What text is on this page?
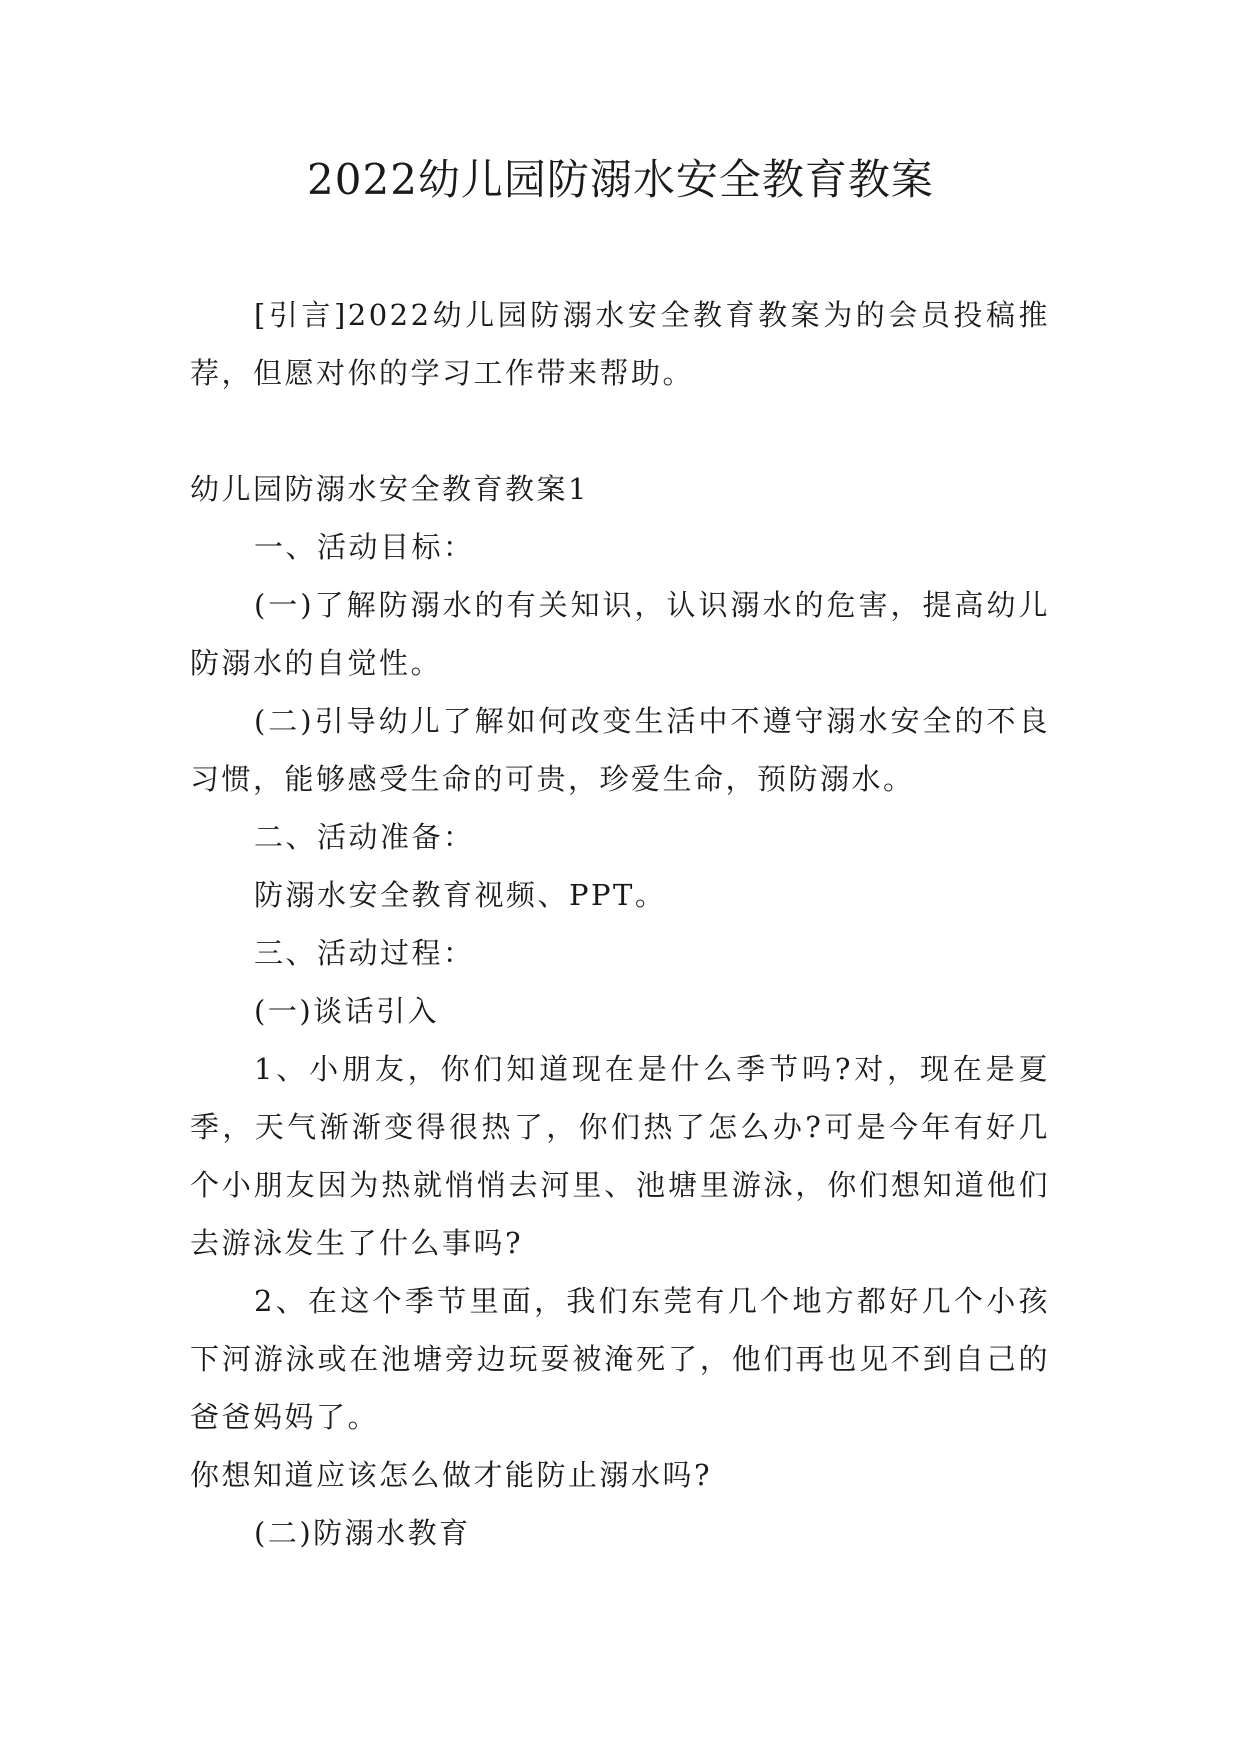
2022幼儿园防溺水安全教育教案

[引言]2022幼儿园防溺水安全教育教案为的会员投稿推荐，但愿对你的学习工作带来帮助。

幼儿园防溺水安全教育教案1

一、活动目标：

(一)了解防溺水的有关知识，认识溺水的危害，提高幼儿防溺水的自觉性。

(二)引导幼儿了解如何改变生活中不遵守溺水安全的不良习惯，能够感受生命的可贵，珍爱生命，预防溺水。

二、活动准备：

防溺水安全教育视频、PPT。

三、活动过程：

(一)谈话引入

1、小朋友，你们知道现在是什么季节吗?对，现在是夏季，天气渐渐变得很热了，你们热了怎么办?可是今年有好几个小朋友因为热就悄悄去河里、池塘里游泳，你们想知道他们去游泳发生了什么事吗?

2、在这个季节里面，我们东莞有几个地方都好几个小孩下河游泳或在池塘旁边玩耍被淹死了，他们再也见不到自己的爸爸妈妈了。

你想知道应该怎么做才能防止溺水吗?

(二)防溺水教育
